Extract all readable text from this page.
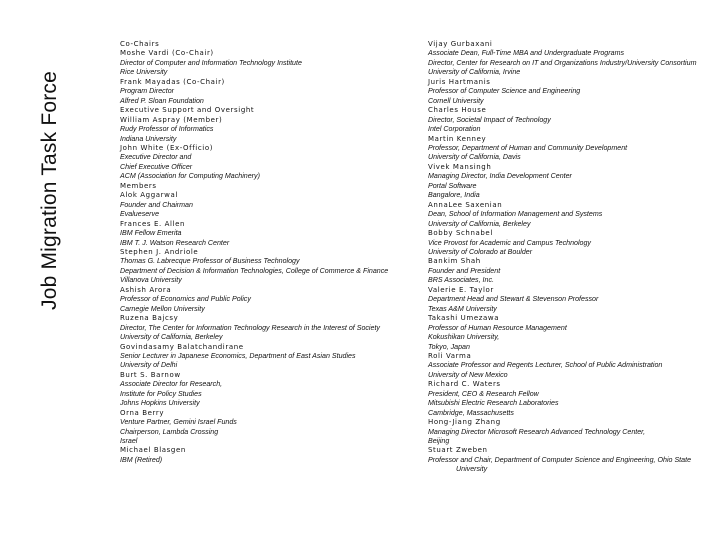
Job Migration Task Force
Co-Chairs
Moshe Vardi (Co-Chair)
Director of Computer and Information Technology Institute
Rice University
Frank Mayadas (Co-Chair)
Program Director
Alfred P. Sloan Foundation
Executive Support and Oversight
William Aspray (Member)
Rudy Professor of Informatics
Indiana University
John White (Ex-Officio)
Executive Director and
Chief Executive Officer
ACM (Association for Computing Machinery)
Members
Alok Aggarwal
Founder and Chairman
Evalueserve
Frances E. Allen
IBM Fellow Emerita
IBM T. J. Watson Research Center
Stephen J. Andriole
Thomas G. Labrecque Professor of Business Technology
Department of Decision & Information Technologies, College of Commerce & Finance
Villanova University
Ashish Arora
Professor of Economics and Public Policy
Carnegie Mellon University
Ruzena Bajcsy
Director, The Center for Information Technology Research in the Interest of Society
University of California, Berkeley
Govindasamy Balatchandirane
Senior Lecturer in Japanese Economics, Department of East Asian Studies
University of Delhi
Burt S. Barnow
Associate Director for Research,
Institute for Policy Studies
Johns Hopkins University
Orna Berry
Venture Partner, Gemini Israel Funds
Chairperson, Lambda Crossing
Israel
Michael Blasgen
IBM (Retired)
Vijay Gurbaxani
Associate Dean, Full-Time MBA and Undergraduate Programs
Director, Center for Research on IT and Organizations Industry/University Consortium
University of California, Irvine
Juris Hartmanis
Professor of Computer Science and Engineering
Cornell University
Charles House
Director, Societal Impact of Technology
Intel Corporation
Martin Kenney
Professor, Department of Human and Community Development
University of California, Davis
Vivek Mansingh
Managing Director, India Development Center
Portal Software
Bangalore, India
AnnaLee Saxenian
Dean, School of Information Management and Systems
University of California, Berkeley
Bobby Schnabel
Vice Provost for Academic and Campus Technology
University of Colorado at Boulder
Bankim Shah
Founder and President
BRS Associates, Inc.
Valerie E. Taylor
Department Head and Stewart & Stevenson Professor
Texas A&M University
Takashi Umezawa
Professor of Human Resource Management
Kokushikan University,
Tokyo, Japan
Roli Varma
Associate Professor and Regents Lecturer, School of Public Administration
University of New Mexico
Richard C. Waters
President, CEO & Research Fellow
Mitsubishi Electric Research Laboratories
Cambridge, Massachusetts
Hong-Jiang Zhang
Managing Director Microsoft Research Advanced Technology Center,
Beijing
Stuart Zweben
Professor and Chair, Department of Computer Science and Engineering, Ohio State University
